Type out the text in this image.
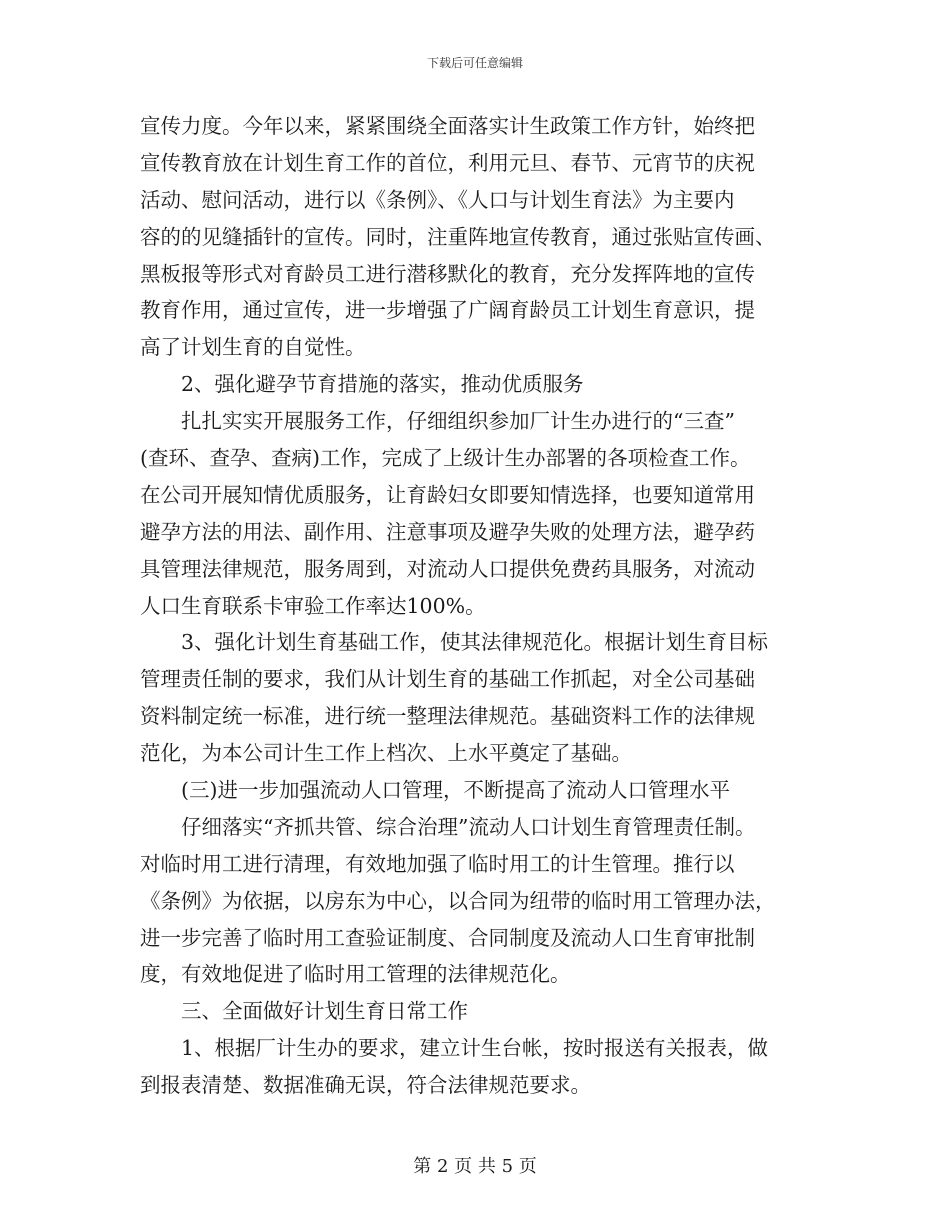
下载后可任意编辑
宣传力度。今年以来，紧紧围绕全面落实计生政策工作方针，始终把
宣传教育放在计划生育工作的首位，利用元旦、春节、元宵节的庆祝
活动、慰问活动，进行以《条例》、《人口与计划生育法》为主要内
容的的见缝插针的宣传。同时，注重阵地宣传教育，通过张贴宣传画、
黑板报等形式对育龄员工进行潜移默化的教育，充分发挥阵地的宣传
教育作用，通过宣传，进一步增强了广阔育龄员工计划生育意识，提
高了计划生育的自觉性。
2、强化避孕节育措施的落实，推动优质服务
扎扎实实开展服务工作，仔细组织参加厂计生办进行的“三查”
(查环、查孕、查病)工作，完成了上级计生办部署的各项检查工作。
在公司开展知情优质服务，让育龄妇女即要知情选择，也要知道常用
避孕方法的用法、副作用、注意事项及避孕失败的处理方法，避孕药
具管理法律规范，服务周到，对流动人口提供免费药具服务，对流动
人口生育联系卡审验工作率达100%。
3、强化计划生育基础工作，使其法律规范化。根据计划生育目标
管理责任制的要求，我们从计划生育的基础工作抓起，对全公司基础
资料制定统一标准，进行统一整理法律规范。基础资料工作的法律规
范化，为本公司计生工作上档次、上水平奠定了基础。
(三)进一步加强流动人口管理，不断提高了流动人口管理水平
仔细落实“齐抓共管、综合治理”流动人口计划生育管理责任制。
对临时用工进行清理，有效地加强了临时用工的计生管理。推行以
《条例》为依据，以房东为中心，以合同为纽带的临时用工管理办法，
进一步完善了临时用工查验证制度、合同制度及流动人口生育审批制
度，有效地促进了临时用工管理的法律规范化。
三、全面做好计划生育日常工作
1、根据厂计生办的要求，建立计生台帐，按时报送有关报表，做
到报表清楚、数据准确无误，符合法律规范要求。
第 2 页 共 5 页
